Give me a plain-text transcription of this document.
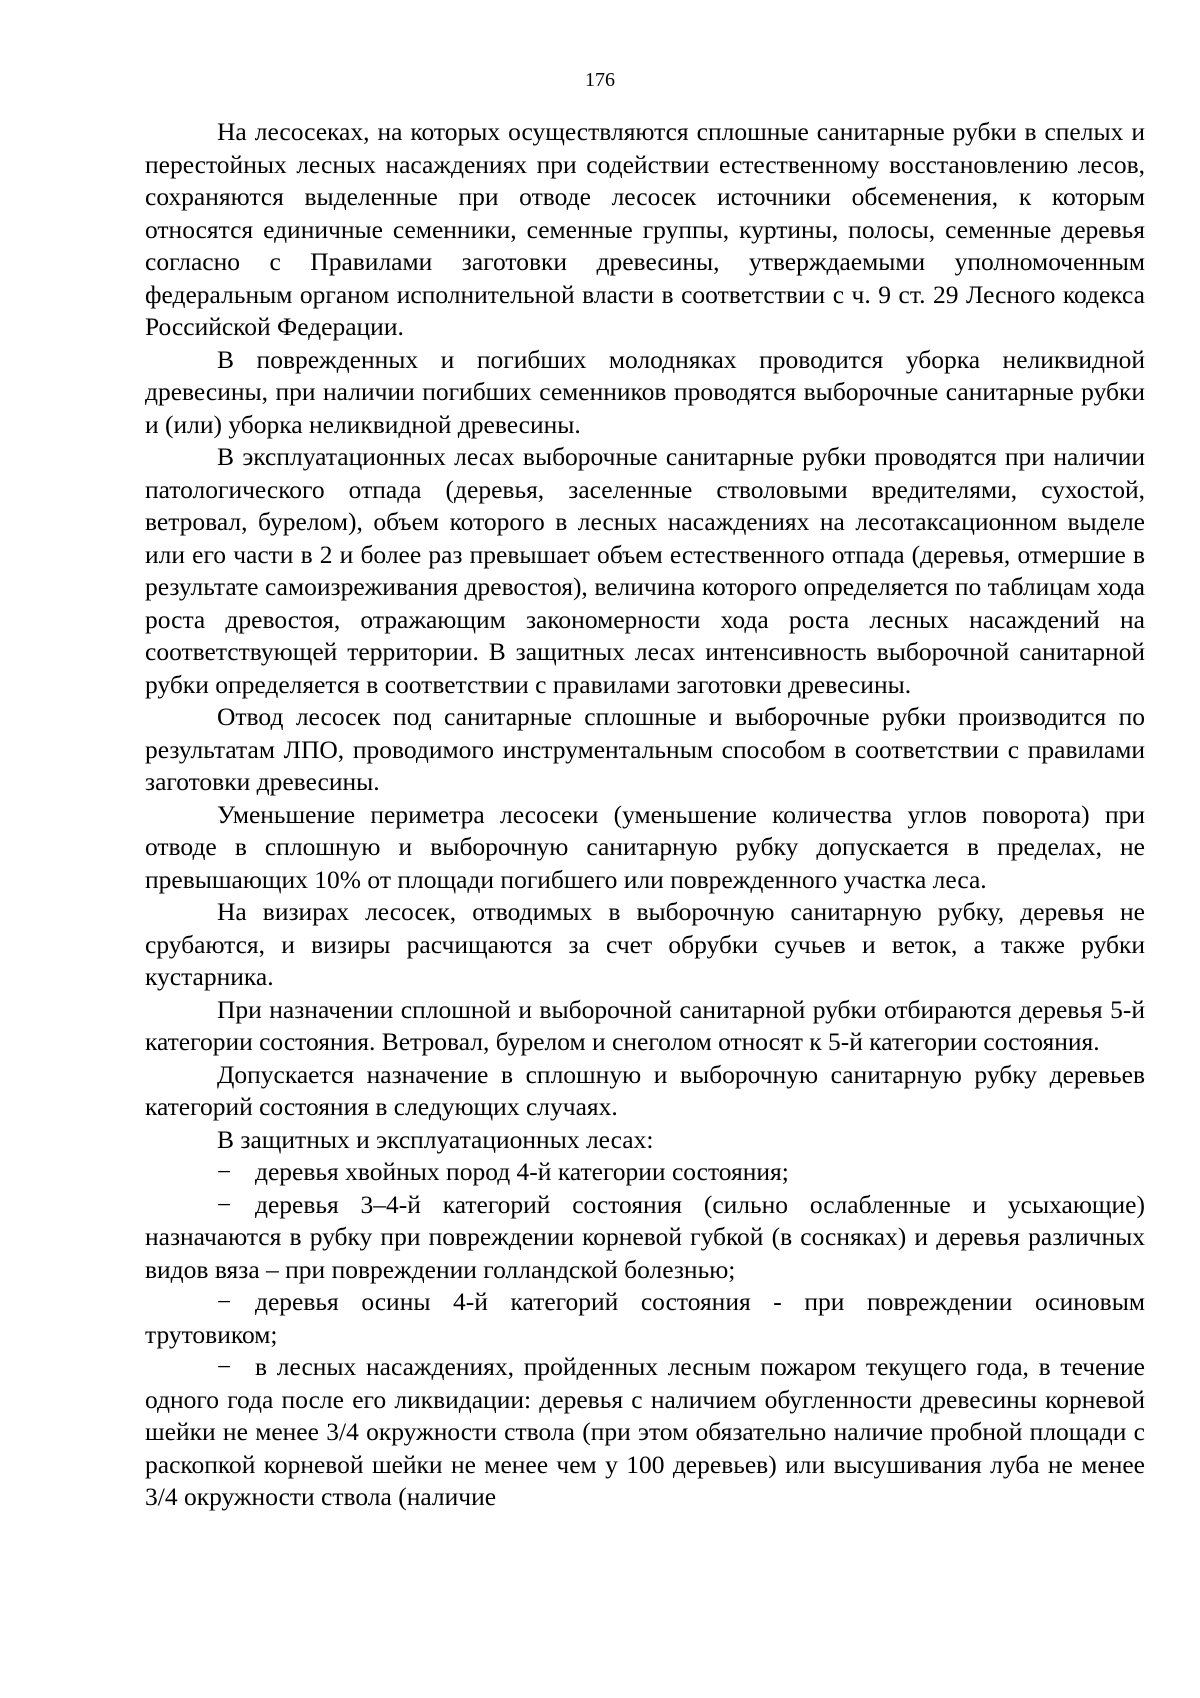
176

На лесосеках, на которых осуществляются сплошные санитарные рубки в спелых и перестойных лесных насаждениях при содействии естественному восстановлению лесов, сохраняются выделенные при отводе лесосек источники обсеменения, к которым относятся единичные семенники, семенные группы, куртины, полосы, семенные деревья согласно с Правилами заготовки древесины, утверждаемыми уполномоченным федеральным органом исполнительной власти в соответствии с ч. 9 ст. 29 Лесного кодекса Российской Федерации.

В поврежденных и погибших молодняках проводится уборка неликвидной древесины, при наличии погибших семенников проводятся выборочные санитарные рубки и (или) уборка неликвидной древесины.

В эксплуатационных лесах выборочные санитарные рубки проводятся при наличии патологического отпада (деревья, заселенные стволовыми вредителями, сухостой, ветровал, бурелом), объем которого в лесных насаждениях на лесотаксационном выделе или его части в 2 и более раз превышает объем естественного отпада (деревья, отмершие в результате самоизреживания древостоя), величина которого определяется по таблицам хода роста древостоя, отражающим закономерности хода роста лесных насаждений на соответствующей территории. В защитных лесах интенсивность выборочной санитарной рубки определяется в соответствии с правилами заготовки древесины.

Отвод лесосек под санитарные сплошные и выборочные рубки производится по результатам ЛПО, проводимого инструментальным способом в соответствии с правилами заготовки древесины.

Уменьшение периметра лесосеки (уменьшение количества углов поворота) при отводе в сплошную и выборочную санитарную рубку допускается в пределах, не превышающих 10% от площади погибшего или поврежденного участка леса.

На визирах лесосек, отводимых в выборочную санитарную рубку, деревья не срубаются, и визиры расчищаются за счет обрубки сучьев и веток, а также рубки кустарника.

При назначении сплошной и выборочной санитарной рубки отбираются деревья 5-й категории состояния. Ветровал, бурелом и снеголом относят к 5-й категории состояния.

Допускается назначение в сплошную и выборочную санитарную рубку деревьев категорий состояния в следующих случаях.

В защитных и эксплуатационных лесах:

− деревья хвойных пород 4-й категории состояния;

− деревья 3–4-й категорий состояния (сильно ослабленные и усыхающие) назначаются в рубку при повреждении корневой губкой (в сосняках) и деревья различных видов вяза – при повреждении голландской болезнью;

− деревья осины 4-й категорий состояния - при повреждении осиновым трутовиком;

− в лесных насаждениях, пройденных лесным пожаром текущего года, в течение одного года после его ликвидации: деревья с наличием обугленности древесины корневой шейки не менее 3/4 окружности ствола (при этом обязательно наличие пробной площади с раскопкой корневой шейки не менее чем у 100 деревьев) или высушивания луба не менее 3/4 окружности ствола (наличие
